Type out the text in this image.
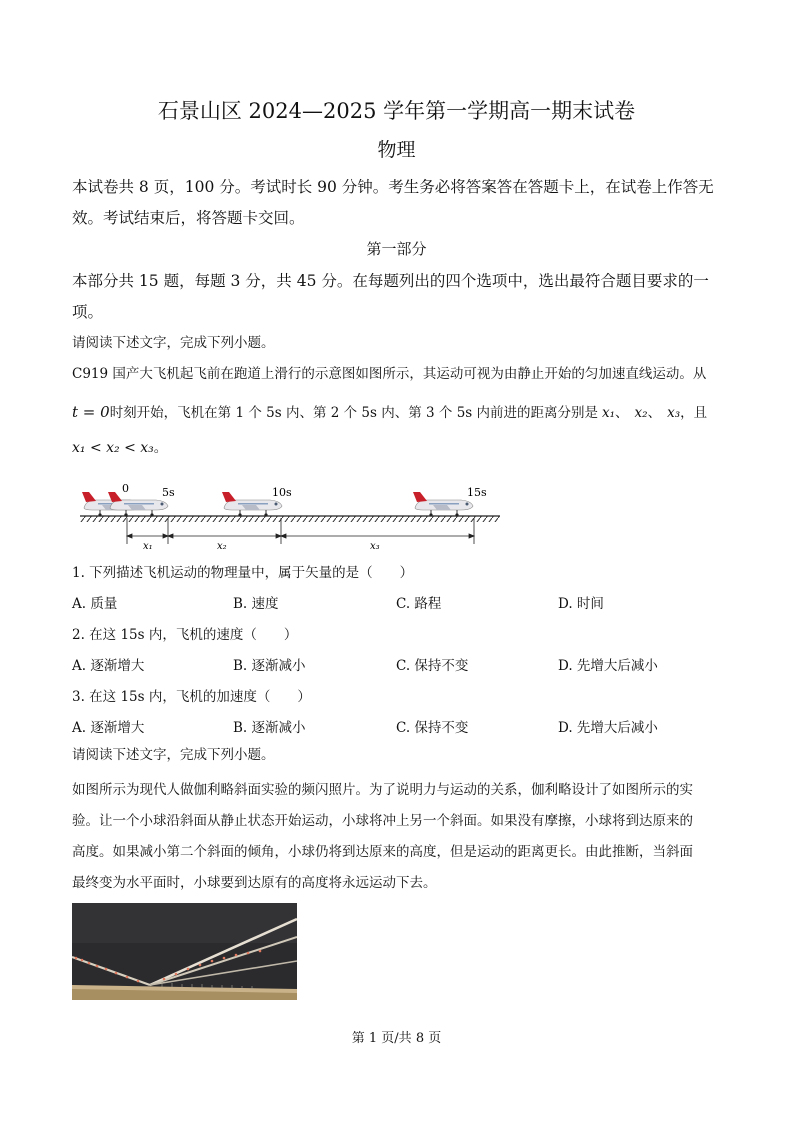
石景山区 2024—2025 学年第一学期高一期末试卷
物理
本试卷共 8 页，100 分。考试时长 90 分钟。考生务必将答案答在答题卡上，在试卷上作答无
效。考试结束后，将答题卡交回。
第一部分
本部分共 15 题，每题 3 分，共 45 分。在每题列出的四个选项中，选出最符合题目要求的一
项。
请阅读下述文字，完成下列小题。
C919 国产大飞机起飞前在跑道上滑行的示意图如图所示，其运动可视为由静止开始的匀加速直线运动。从
t = 0时刻开始，飞机在第 1 个 5s 内、第 2 个 5s 内、第 3 个 5s 内前进的距离分别是 x₁、 x₂、 x₃，且
x₁ < x₂ < x₃。
0	5s	10s	15s
x₁	x₂	x₃
1. 下列描述飞机运动的物理量中，属于矢量的是（　　）
A. 质量	B. 速度	C. 路程	D. 时间
2. 在这 15s 内，飞机的速度（　　）
A. 逐渐增大	B. 逐渐减小	C. 保持不变	D. 先增大后减小
3. 在这 15s 内，飞机的加速度（　　）
A. 逐渐增大	B. 逐渐减小	C. 保持不变	D. 先增大后减小
请阅读下述文字，完成下列小题。
如图所示为现代人做伽利略斜面实验的频闪照片。为了说明力与运动的关系，伽利略设计了如图所示的实
验。让一个小球沿斜面从静止状态开始运动，小球将冲上另一个斜面。如果没有摩擦，小球将到达原来的
高度。如果减小第二个斜面的倾角，小球仍将到达原来的高度，但是运动的距离更长。由此推断，当斜面
最终变为水平面时，小球要到达原有的高度将永远运动下去。
第 1 页/共 8 页
